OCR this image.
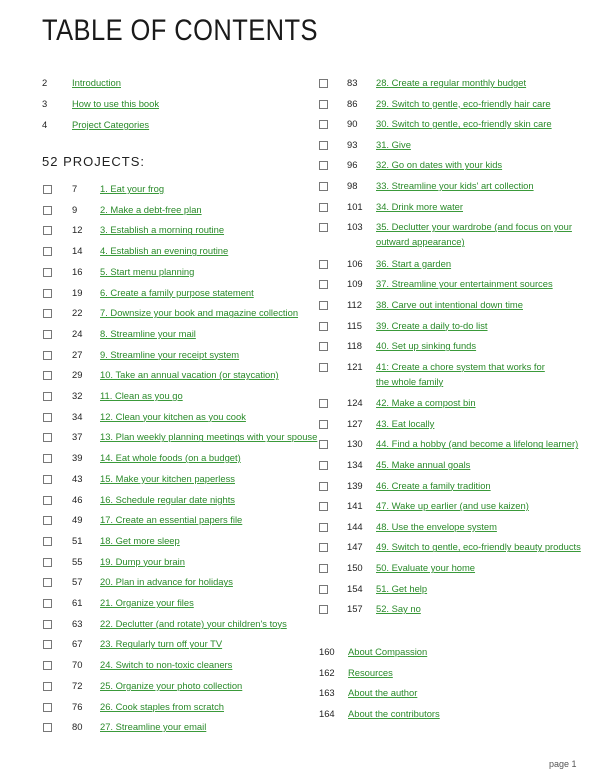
TABLE OF CONTENTS
2	Introduction
3	How to use this book
4	Project Categories
52 PROJECTS:
7 1. Eat your frog
9 2. Make a debt-free plan
12 3. Establish a morning routine
14 4. Establish an evening routine
16 5. Start menu planning
19 6. Create a family purpose statement
22 7. Downsize your book and magazine collection
24 8. Streamline your mail
27 9. Streamline your receipt system
29 10. Take an annual vacation (or staycation)
32 11. Clean as you go
34 12. Clean your kitchen as you cook
37 13. Plan weekly planning meetings with your spouse
39 14. Eat whole foods (on a budget)
43 15. Make your kitchen paperless
46 16. Schedule regular date nights
49 17. Create an essential papers file
51 18. Get more sleep
55 19. Dump your brain
57 20. Plan in advance for holidays
61 21. Organize your files
63 22. Declutter (and rotate) your children's toys
67 23. Regularly turn off your TV
70 24. Switch to non-toxic cleaners
72 25. Organize your photo collection
76 26. Cook staples from scratch
80 27. Streamline your email
83 28. Create a regular monthly budget
86 29. Switch to gentle, eco-friendly hair care
90 30. Switch to gentle, eco-friendly skin care
93 31. Give
96 32. Go on dates with your kids
98 33. Streamline your kids' art collection
101 34. Drink more water
103 35. Declutter your wardrobe (and focus on your
outward appearance)
106 36. Start a garden
109 37. Streamline your entertainment sources
112 38. Carve out intentional down time
115 39. Create a daily to-do list
118 40. Set up sinking funds
121 41: Create a chore system that works for
the whole family
124 42. Make a compost bin
127 43. Eat locally
130 44. Find a hobby (and become a lifelong learner)
134 45. Make annual goals
139 46. Create a family tradition
141 47. Wake up earlier (and use kaizen)
144 48. Use the envelope system
147 49. Switch to gentle, eco-friendly beauty products
150 50. Evaluate your home
154 51. Get help
157 52. Say no
160 About Compassion
162 Resources
163 About the author
164 About the contributors
page 1
